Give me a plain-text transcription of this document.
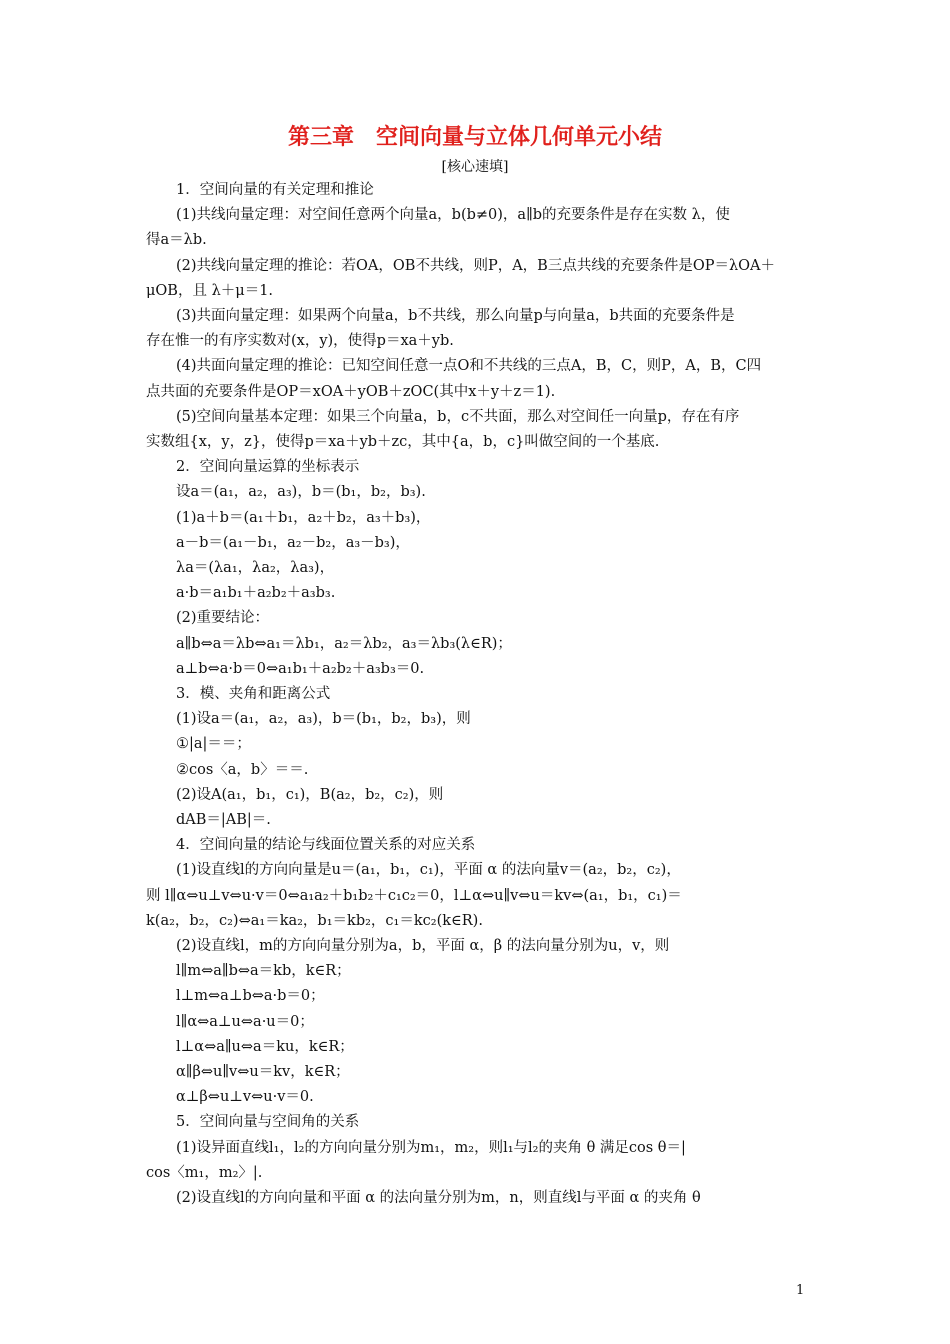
第三章　空间向量与立体几何单元小结
[核心速填]
1．空间向量的有关定理和推论
(1)共线向量定理：对空间任意两个向量a，b(b≠0)，a∥b的充要条件是存在实数 λ，使
得a＝λb.
(2)共线向量定理的推论：若OA，OB不共线，则P，A，B三点共线的充要条件是OP＝λOA＋
μOB，且 λ＋μ＝1.
(3)共面向量定理：如果两个向量a，b不共线，那么向量p与向量a，b共面的充要条件是
存在惟一的有序实数对(x，y)，使得p＝xa＋yb.
(4)共面向量定理的推论：已知空间任意一点O和不共线的三点A，B，C，则P，A，B，C四
点共面的充要条件是OP＝xOA＋yOB＋zOC(其中x＋y＋z＝1).
(5)空间向量基本定理：如果三个向量a，b，c不共面，那么对空间任一向量p，存在有序
实数组{x，y，z}，使得p＝xa＋yb＋zc，其中{a，b，c}叫做空间的一个基底.
2．空间向量运算的坐标表示
设a＝(a₁，a₂，a₃)，b＝(b₁，b₂，b₃).
(1)a＋b＝(a₁＋b₁，a₂＋b₂，a₃＋b₃)，
a－b＝(a₁－b₁，a₂－b₂，a₃－b₃)，
λa＝(λa₁，λa₂，λa₃)，
a·b＝a₁b₁＋a₂b₂＋a₃b₃.
(2)重要结论：
a∥b⇔a＝λb⇔a₁＝λb₁，a₂＝λb₂，a₃＝λb₃(λ∈R)；
a⊥b⇔a·b＝0⇔a₁b₁＋a₂b₂＋a₃b₃＝0.
3．模、夹角和距离公式
(1)设a＝(a₁，a₂，a₃)，b＝(b₁，b₂，b₃)，则
①|a|＝＝；
②cos〈a，b〉＝＝.
(2)设A(a₁，b₁，c₁)，B(a₂，b₂，c₂)，则
dAB＝|AB|＝.
4．空间向量的结论与线面位置关系的对应关系
(1)设直线l的方向向量是u＝(a₁，b₁，c₁)，平面 α 的法向量v＝(a₂，b₂，c₂)，
则 l∥α⇔u⊥v⇔u·v＝0⇔a₁a₂＋b₁b₂＋c₁c₂＝0，l⊥α⇔u∥v⇔u＝kv⇔(a₁，b₁，c₁)＝
k(a₂，b₂，c₂)⇔a₁＝ka₂，b₁＝kb₂，c₁＝kc₂(k∈R).
(2)设直线l，m的方向向量分别为a，b，平面 α，β 的法向量分别为u，v，则
l∥m⇔a∥b⇔a＝kb，k∈R；
l⊥m⇔a⊥b⇔a·b＝0；
l∥α⇔a⊥u⇔a·u＝0；
l⊥α⇔a∥u⇔a＝ku，k∈R；
α∥β⇔u∥v⇔u＝kv，k∈R；
α⊥β⇔u⊥v⇔u·v＝0.
5．空间向量与空间角的关系
(1)设异面直线l₁，l₂的方向向量分别为m₁，m₂，则l₁与l₂的夹角 θ 满足cos θ＝|
cos〈m₁，m₂〉|.
(2)设直线l的方向向量和平面 α 的法向量分别为m，n，则直线l与平面 α 的夹角 θ
1
